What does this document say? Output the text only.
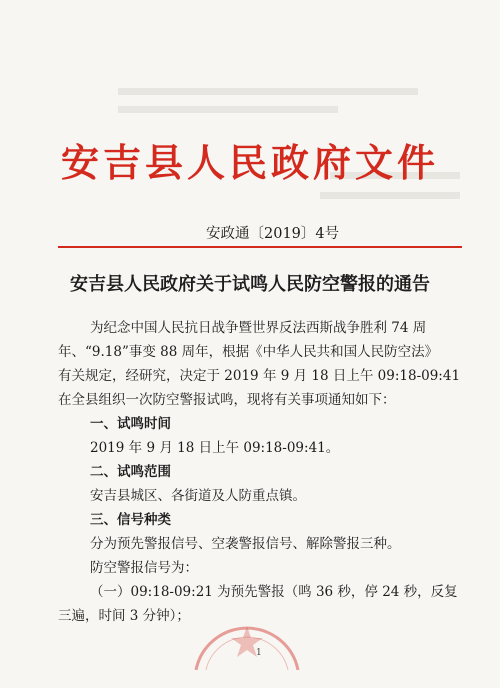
安吉县人民政府文件
安政通〔2019〕4号
安吉县人民政府关于试鸣人民防空警报的通告
为纪念中国人民抗日战争暨世界反法西斯战争胜利 74 周
年、“9.18”事变 88 周年，根据《中华人民共和国人民防空法》
有关规定，经研究，决定于 2019 年 9 月 18 日上午 09:18-09:41
在全县组织一次防空警报试鸣，现将有关事项通知如下：
一、试鸣时间
2019 年 9 月 18 日上午 09:18-09:41。
二、试鸣范围
安吉县城区、各街道及人防重点镇。
三、信号种类
分为预先警报信号、空袭警报信号、解除警报三种。
防空警报信号为：
（一）09:18-09:21 为预先警报（鸣 36 秒，停 24 秒，反复
三遍，时间 3 分钟）；
1
